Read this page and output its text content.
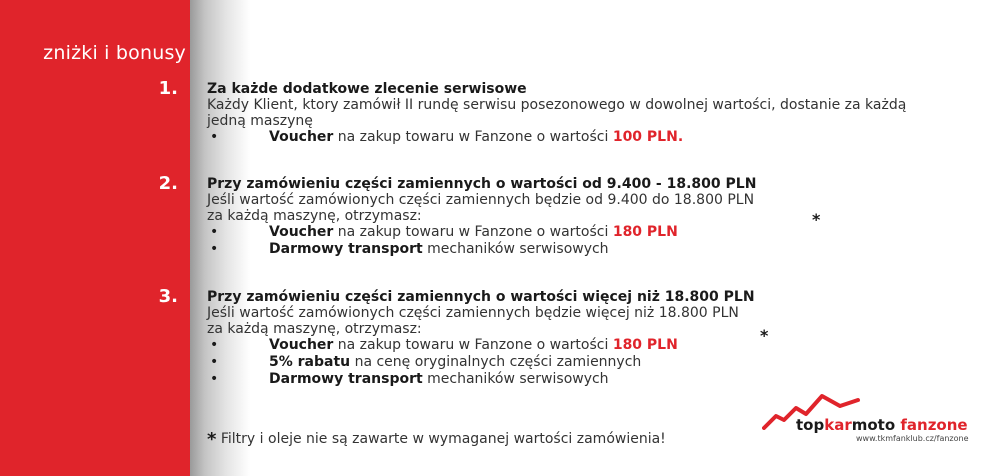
zniżki i bonusy
1.
2.
3.
Za każde dodatkowe zlecenie serwisowe
Każdy Klient, ktory zamówił II rundę serwisu posezonowego w dowolnej wartości, dostanie za każdą
jedną maszynę
•	Voucher na zakup towaru w Fanzone o wartości 100 PLN.
Przy zamówieniu części zamiennych o wartości od 9.400 - 18.800 PLN
Jeśli wartość zamówionych części zamiennych będzie od 9.400 do 18.800 PLN
za każdą maszynę, otrzymasz:
•	Voucher na zakup towaru w Fanzone o wartości 180 PLN
•	Darmowy transport mechaników serwisowych
*
Przy zamówieniu części zamiennych o wartości więcej niż 18.800 PLN
Jeśli wartość zamówionych części zamiennych będzie więcej niż 18.800 PLN
za każdą maszynę, otrzymasz:
•	Voucher na zakup towaru w Fanzone o wartości 180 PLN
•	5% rabatu na cenę oryginalnych części zamiennych
•	Darmowy transport mechaników serwisowych
*
* Filtry i oleje nie są zawarte w wymaganej wartości zamówienia!
topkarmoto fanzone
www.tkmfanklub.cz/fanzone
